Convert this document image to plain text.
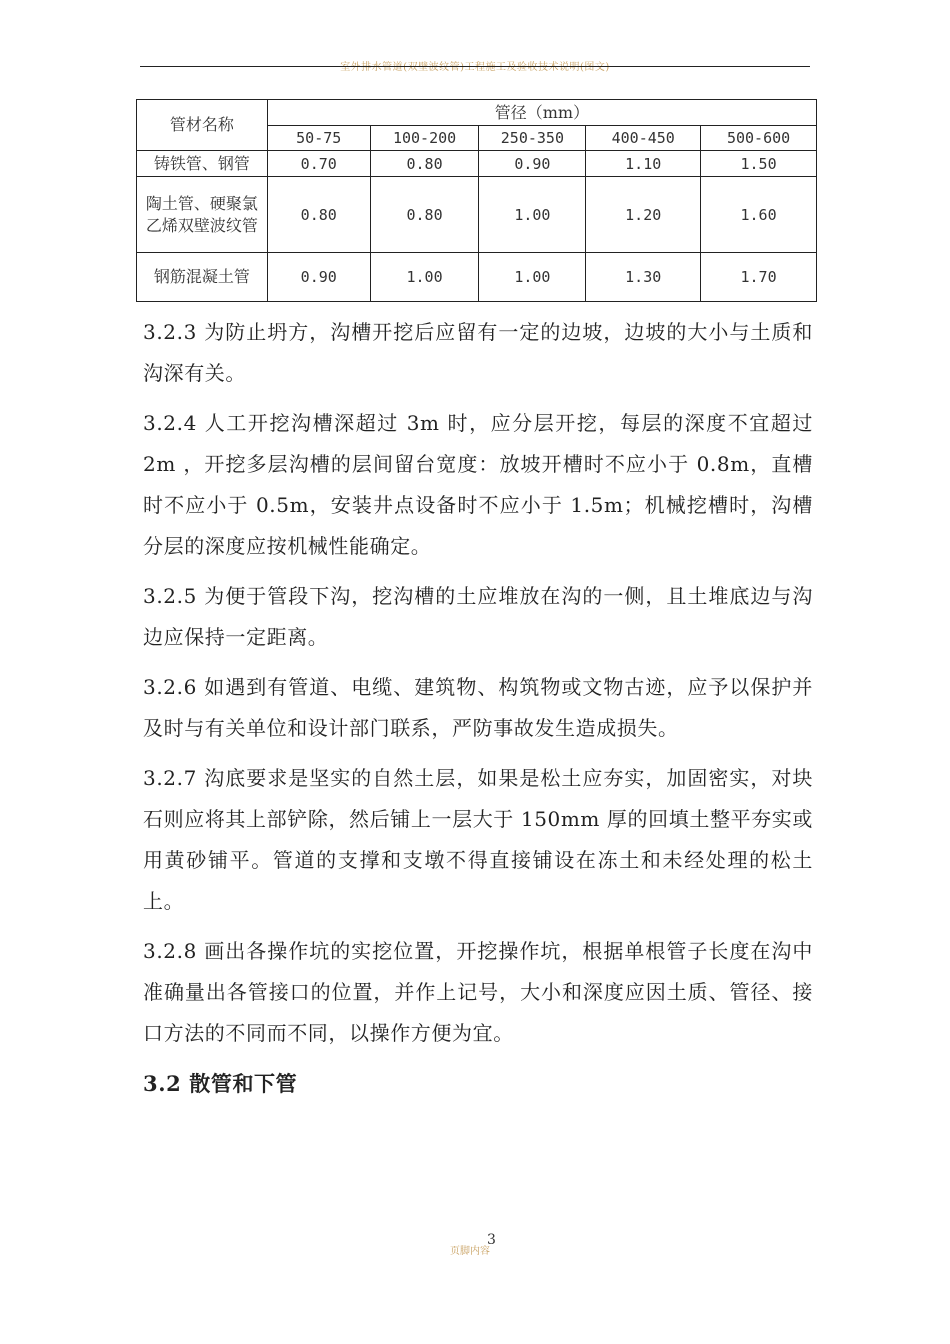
室外排水管道(双壁波纹管)工程施工及验收技术说明(图文)
管材名称	管径（mm）				
	50-75	100-200	250-350	400-450	500-600
铸铁管、钢管	0.70	0.80	0.90	1.10	1.50
陶土管、硬聚氯乙烯双壁波纹管	0.80	0.80	1.00	1.20	1.60
钢筋混凝土管	0.90	1.00	1.00	1.30	1.70

3.2.3 为防止坍方，沟槽开挖后应留有一定的边坡，边坡的大小与土质和沟深有关。

3.2.4 人工开挖沟槽深超过 3m 时，应分层开挖，每层的深度不宜超过 2m ，开挖多层沟槽的层间留台宽度：放坡开槽时不应小于 0.8m，直槽时不应小于 0.5m，安装井点设备时不应小于 1.5m；机械挖槽时，沟槽分层的深度应按机械性能确定。

3.2.5 为便于管段下沟，挖沟槽的土应堆放在沟的一侧，且土堆底边与沟边应保持一定距离。

3.2.6 如遇到有管道、电缆、建筑物、构筑物或文物古迹，应予以保护并及时与有关单位和设计部门联系，严防事故发生造成损失。

3.2.7 沟底要求是坚实的自然土层，如果是松土应夯实，加固密实，对块石则应将其上部铲除，然后铺上一层大于 150mm 厚的回填土整平夯实或用黄砂铺平。管道的支撑和支墩不得直接铺设在冻土和未经处理的松土上。

3.2.8 画出各操作坑的实挖位置，开挖操作坑，根据单根管子长度在沟中准确量出各管接口的位置，并作上记号，大小和深度应因土质、管径、接口方法的不同而不同，以操作方便为宜。

3.2 散管和下管
3
页脚内容
